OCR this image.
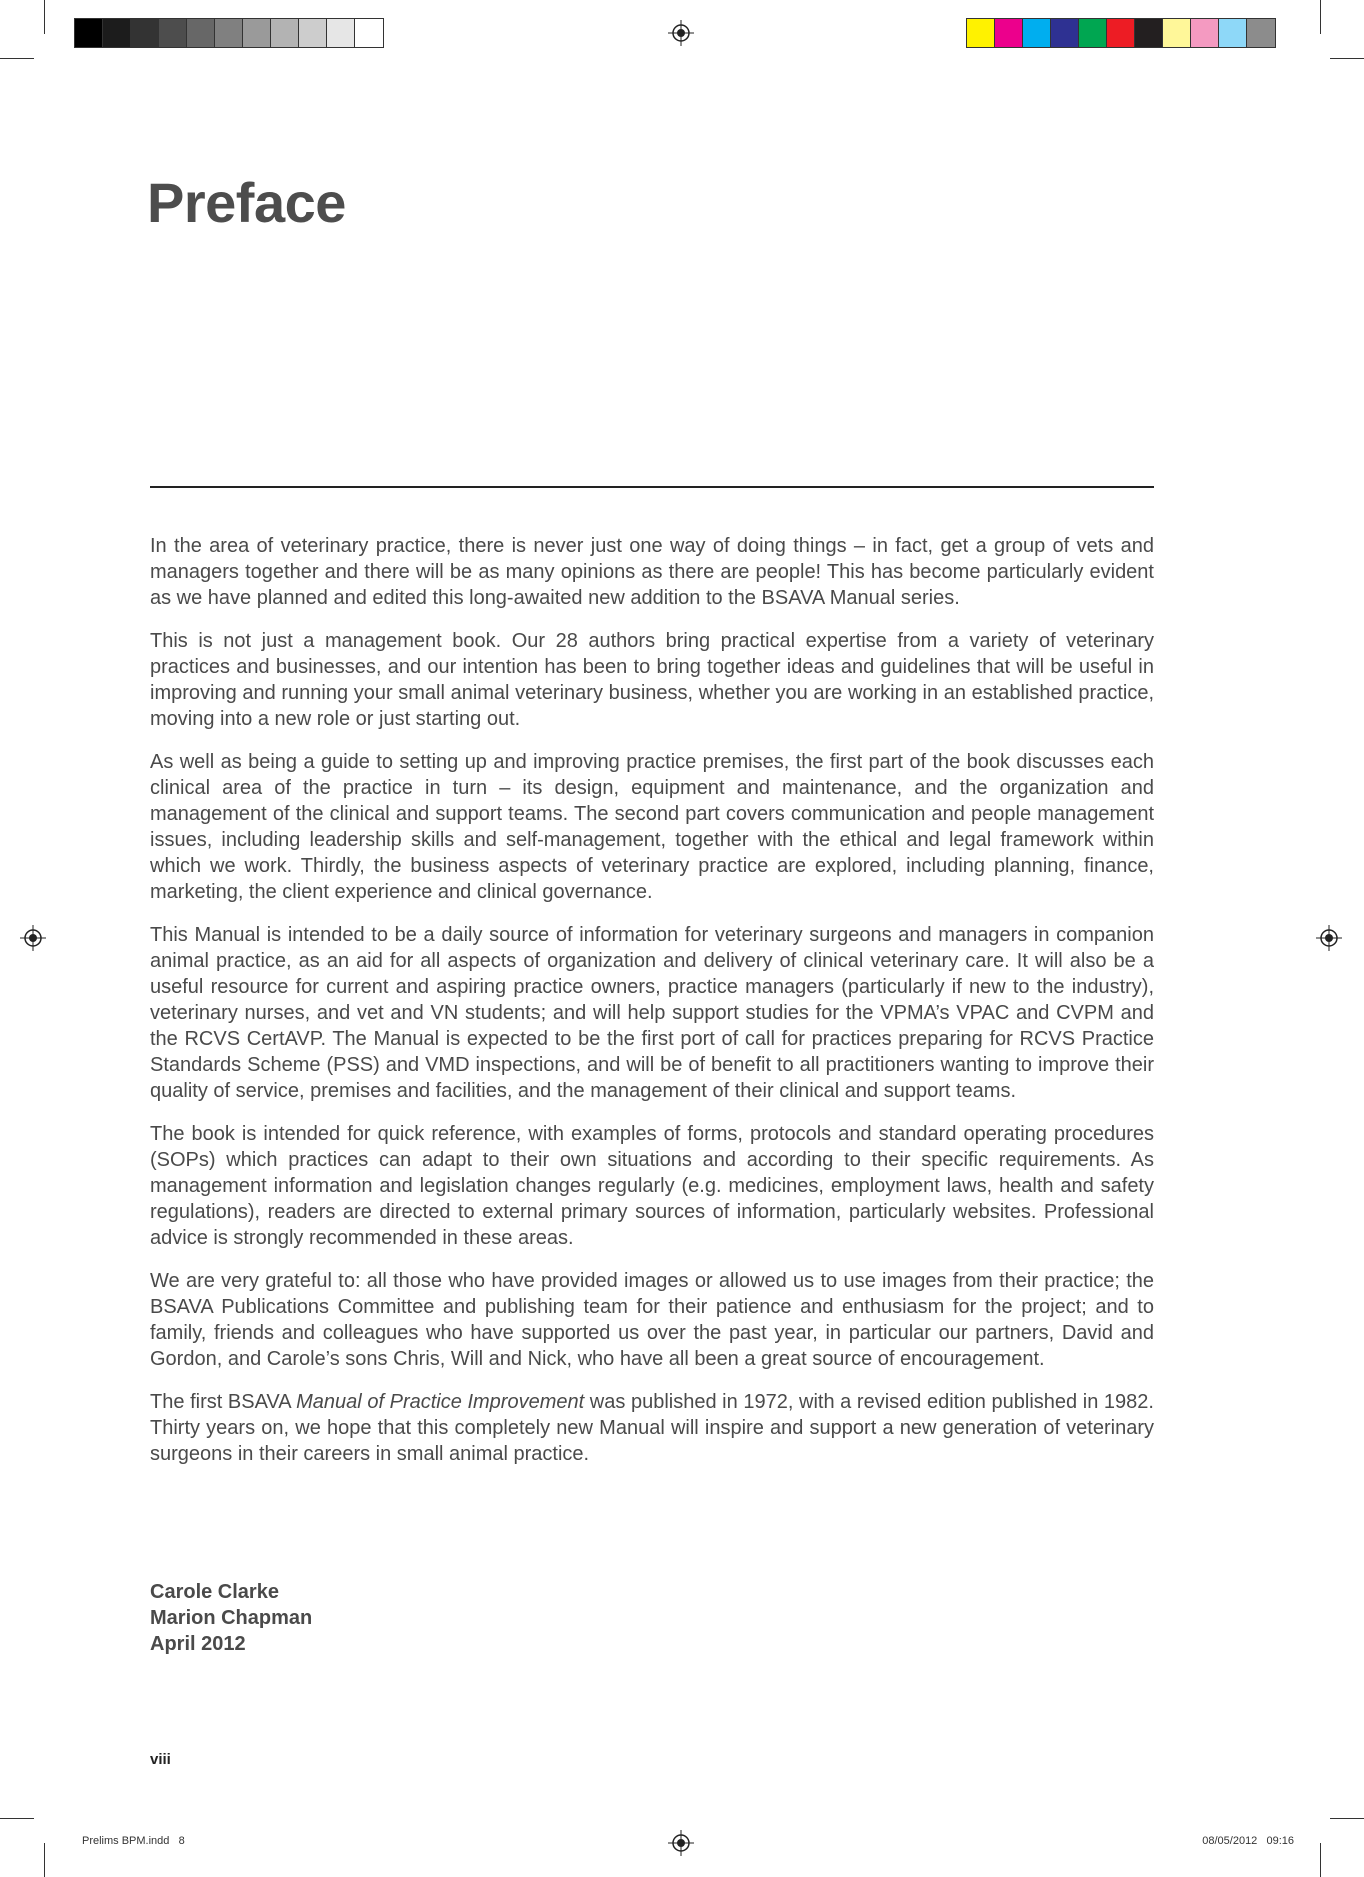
Preface

In the area of veterinary practice, there is never just one way of doing things – in fact, get a group of vets and managers together and there will be as many opinions as there are people! This has become particularly evident as we have planned and edited this long-awaited new addition to the BSAVA Manual series.

This is not just a management book. Our 28 authors bring practical expertise from a variety of veterinary practices and businesses, and our intention has been to bring together ideas and guidelines that will be useful in improving and running your small animal veterinary business, whether you are working in an established practice, moving into a new role or just starting out.

As well as being a guide to setting up and improving practice premises, the first part of the book discusses each clinical area of the practice in turn – its design, equipment and maintenance, and the organization and management of the clinical and support teams. The second part covers communication and people management issues, including leadership skills and self-management, together with the ethical and legal framework within which we work. Thirdly, the business aspects of veterinary practice are explored, including planning, finance, marketing, the client experience and clinical governance.

This Manual is intended to be a daily source of information for veterinary surgeons and managers in companion animal practice, as an aid for all aspects of organization and delivery of clinical veterinary care. It will also be a useful resource for current and aspiring practice owners, practice managers (particularly if new to the industry), veterinary nurses, and vet and VN students; and will help support studies for the VPMA’s VPAC and CVPM and the RCVS CertAVP. The Manual is expected to be the first port of call for practices preparing for RCVS Practice Standards Scheme (PSS) and VMD inspections, and will be of benefit to all practitioners wanting to improve their quality of service, premises and facilities, and the management of their clinical and support teams.

The book is intended for quick reference, with examples of forms, protocols and standard operating procedures (SOPs) which practices can adapt to their own situations and according to their specific requirements. As management information and legislation changes regularly (e.g. medicines, employment laws, health and safety regulations), readers are directed to external primary sources of information, particularly websites. Professional advice is strongly recommended in these areas.

We are very grateful to: all those who have provided images or allowed us to use images from their practice; the BSAVA Publications Committee and publishing team for their patience and enthusiasm for the project; and to family, friends and colleagues who have supported us over the past year, in particular our partners, David and Gordon, and Carole’s sons Chris, Will and Nick, who have all been a great source of encouragement.

The first BSAVA Manual of Practice Improvement was published in 1972, with a revised edition published in 1982. Thirty years on, we hope that this completely new Manual will inspire and support a new generation of veterinary surgeons in their careers in small animal practice.

Carole Clarke
Marion Chapman
April 2012
viii
Prelims BPM.indd   8	08/05/2012   09:16
